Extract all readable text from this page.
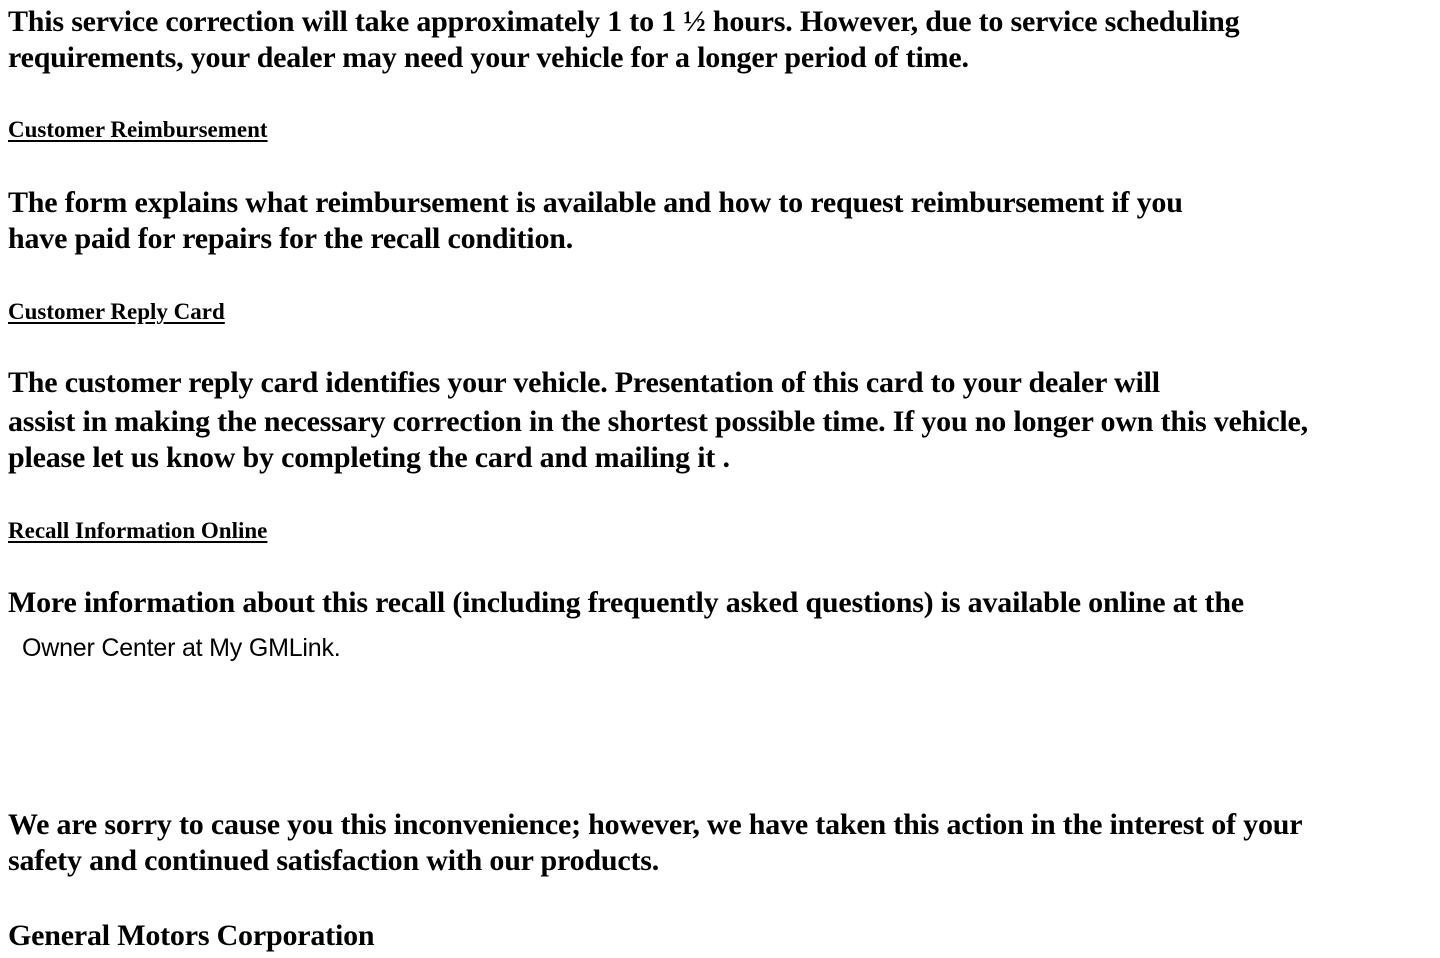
This service correction will take approximately 1 to 1 ½ hours. However, due to service scheduling
requirements, your dealer may need your vehicle for a longer period of time.
Customer Reimbursement
The form explains what reimbursement is available and how to request reimbursement if you
have paid for repairs for the recall condition.
Customer Reply Card
The customer reply card identifies your vehicle. Presentation of this card to your dealer will
assist in making the necessary correction in the shortest possible time. If you no longer own this vehicle,
please let us know by completing the card and mailing it .
Recall Information Online
More information about this recall (including frequently asked questions) is available online at the
Owner Center at My GMLink.
We are sorry to cause you this inconvenience; however, we have taken this action in the interest of your
safety and continued satisfaction with our products.
General Motors Corporation
